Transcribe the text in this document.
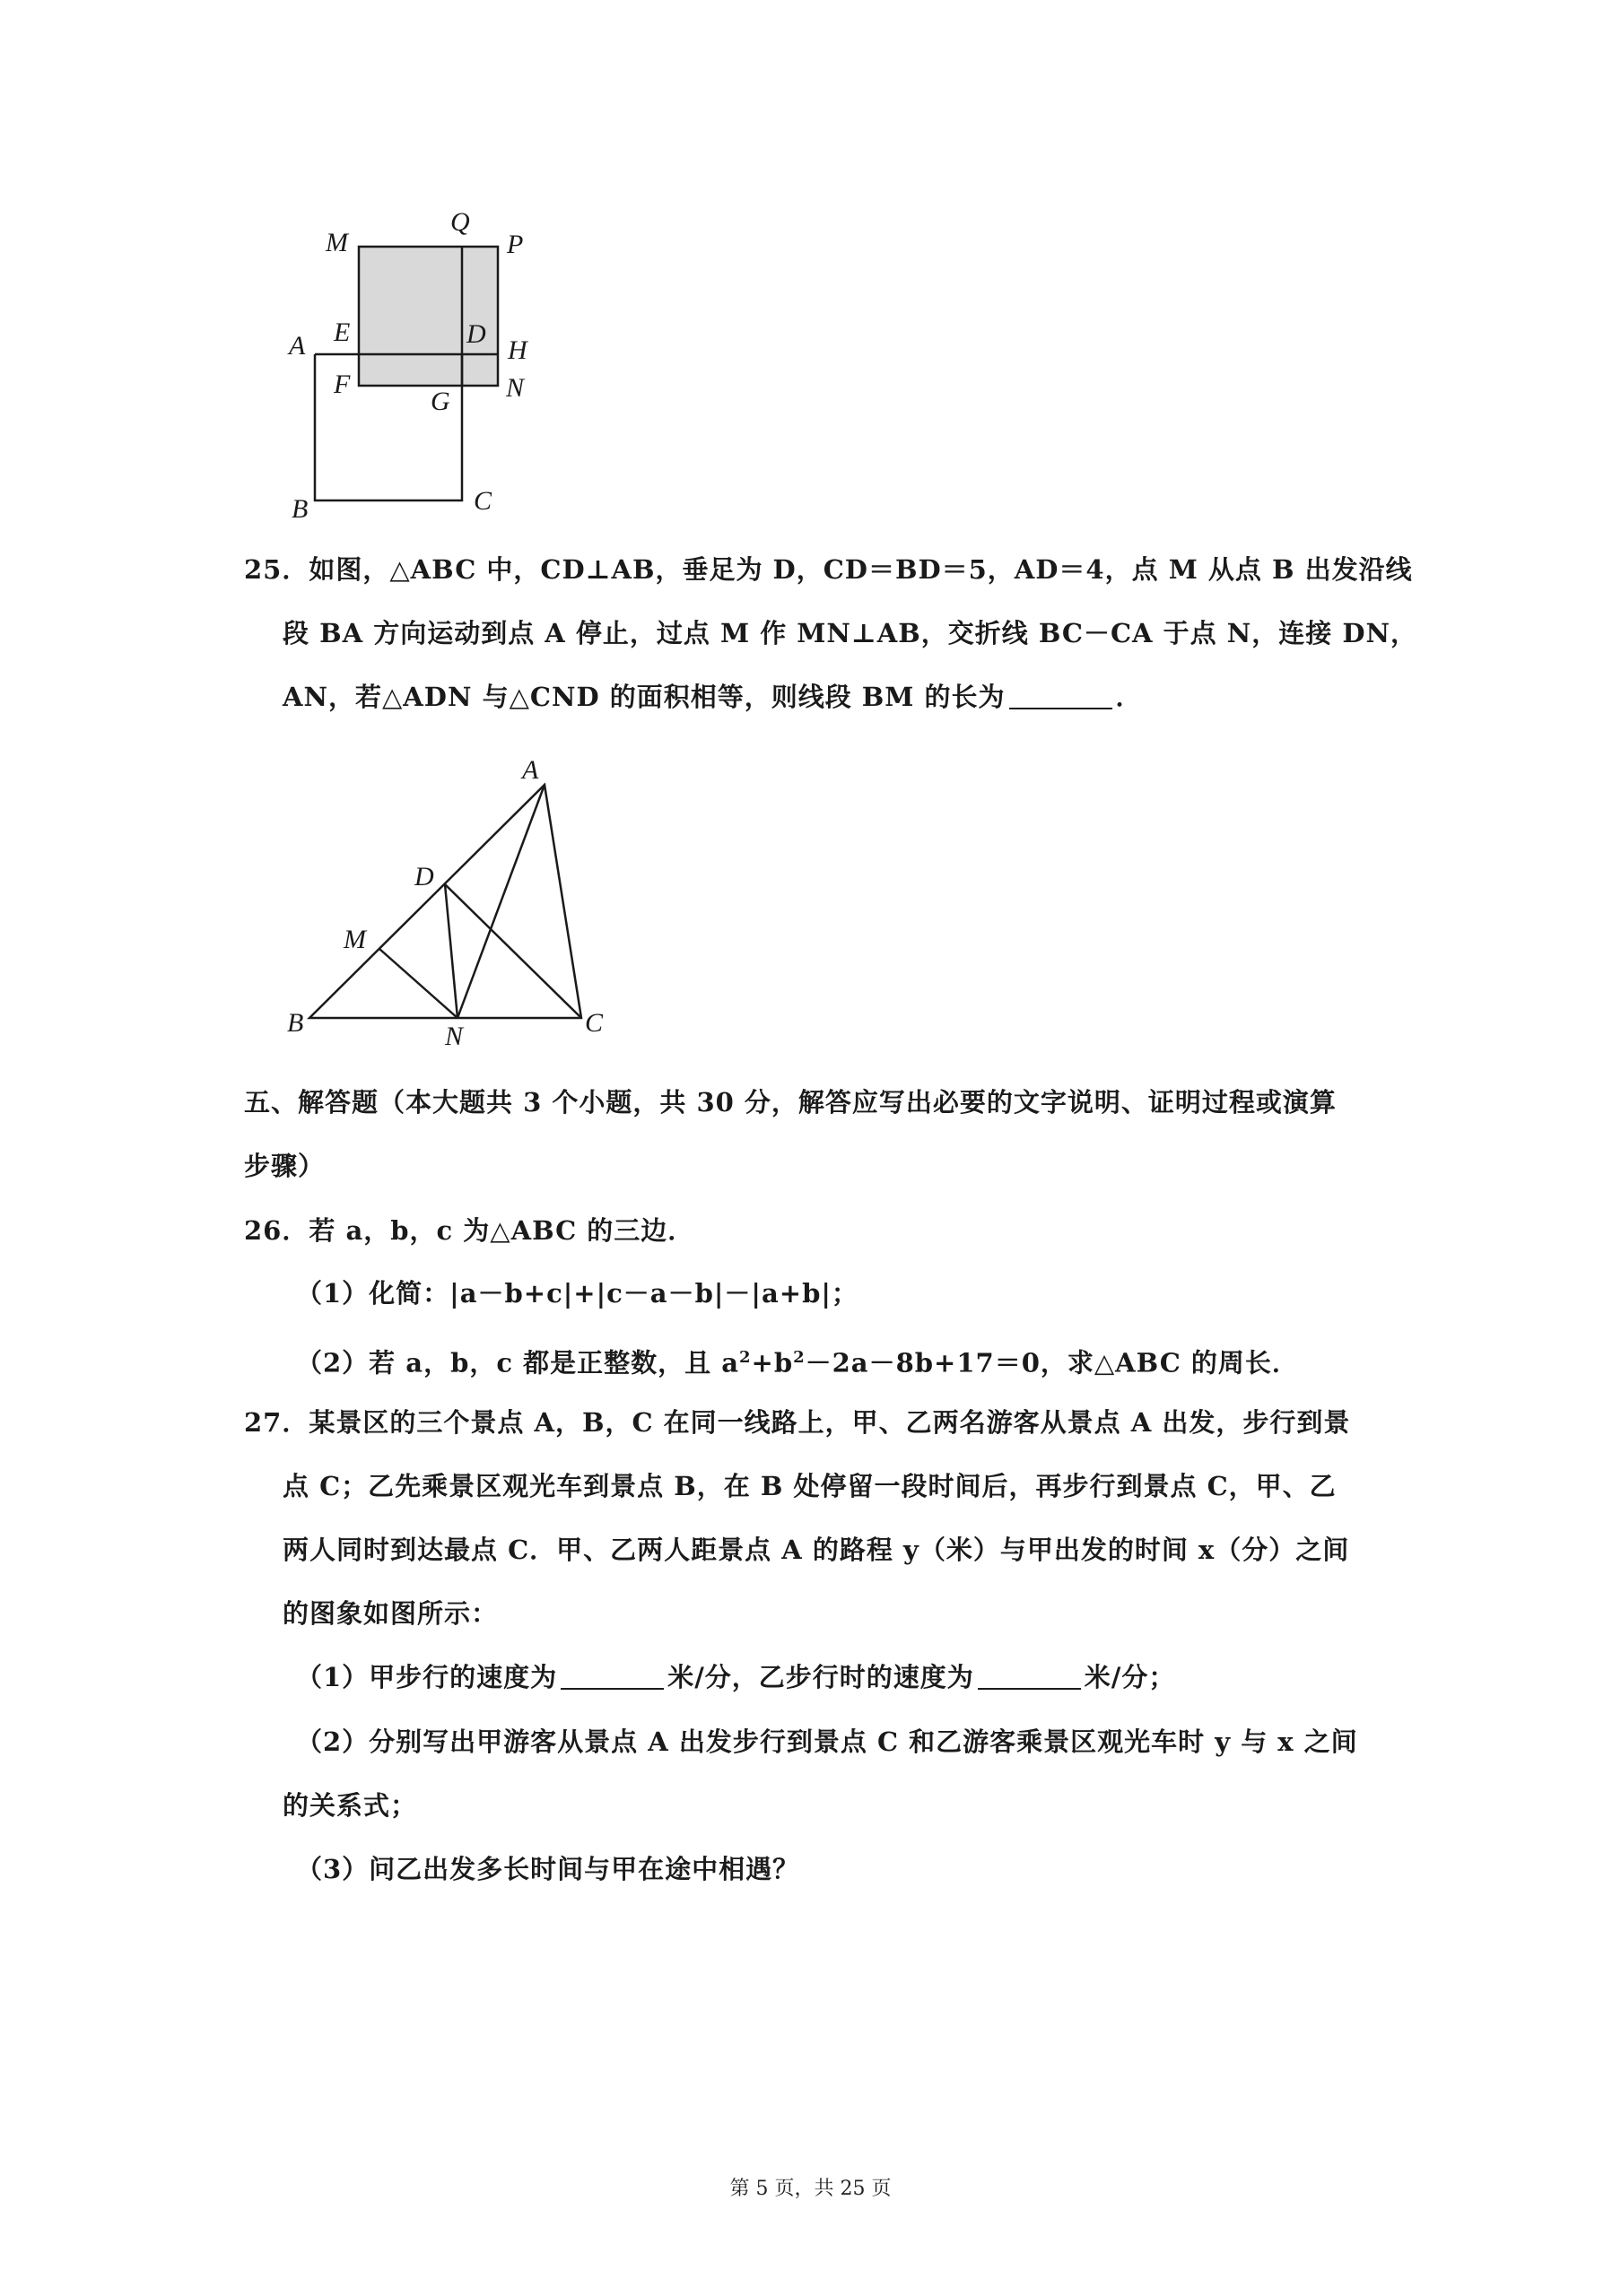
M
Q
P
A E	D
H
F
G N
B	C
25．如图，△ABC 中，CD⊥AB，垂足为 D，CD＝BD＝5，AD＝4，点 M 从点 B 出发沿线
段 BA 方向运动到点 A 停止，过点 M 作 MN⊥AB，交折线 BC－CA 于点 N，连接 DN，
AN，若△ADN 与△CND 的面积相等，则线段 BM 的长为	．
A
D
M
B	N	C
五、解答题（本大题共 3 个小题，共 30 分，解答应写出必要的文字说明、证明过程或演算
步骤）
26．若 a，b，c 为△ABC 的三边．
（1）化简：|a－b+c|+|c－a－b|－|a+b|；
（2）若 a，b，c 都是正整数，且 $a^2+b^2-2a-8b+17=0$，求△ABC 的周长．
27．某景区的三个景点 A，B，C 在同一线路上，甲、乙两名游客从景点 A 出发，步行到景
点 C；乙先乘景区观光车到景点 B，在 B 处停留一段时间后，再步行到景点 C，甲、乙
两人同时到达最点 C．甲、乙两人距景点 A 的路程 y（米）与甲出发的时间 x（分）之间
的图象如图所示：
（1）甲步行的速度为	米/分，乙步行时的速度为	米/分；
（2）分别写出甲游客从景点 A 出发步行到景点 C 和乙游客乘景区观光车时 y 与 x 之间
的关系式；
（3）问乙出发多长时间与甲在途中相遇？
第 5 页，共 25 页
